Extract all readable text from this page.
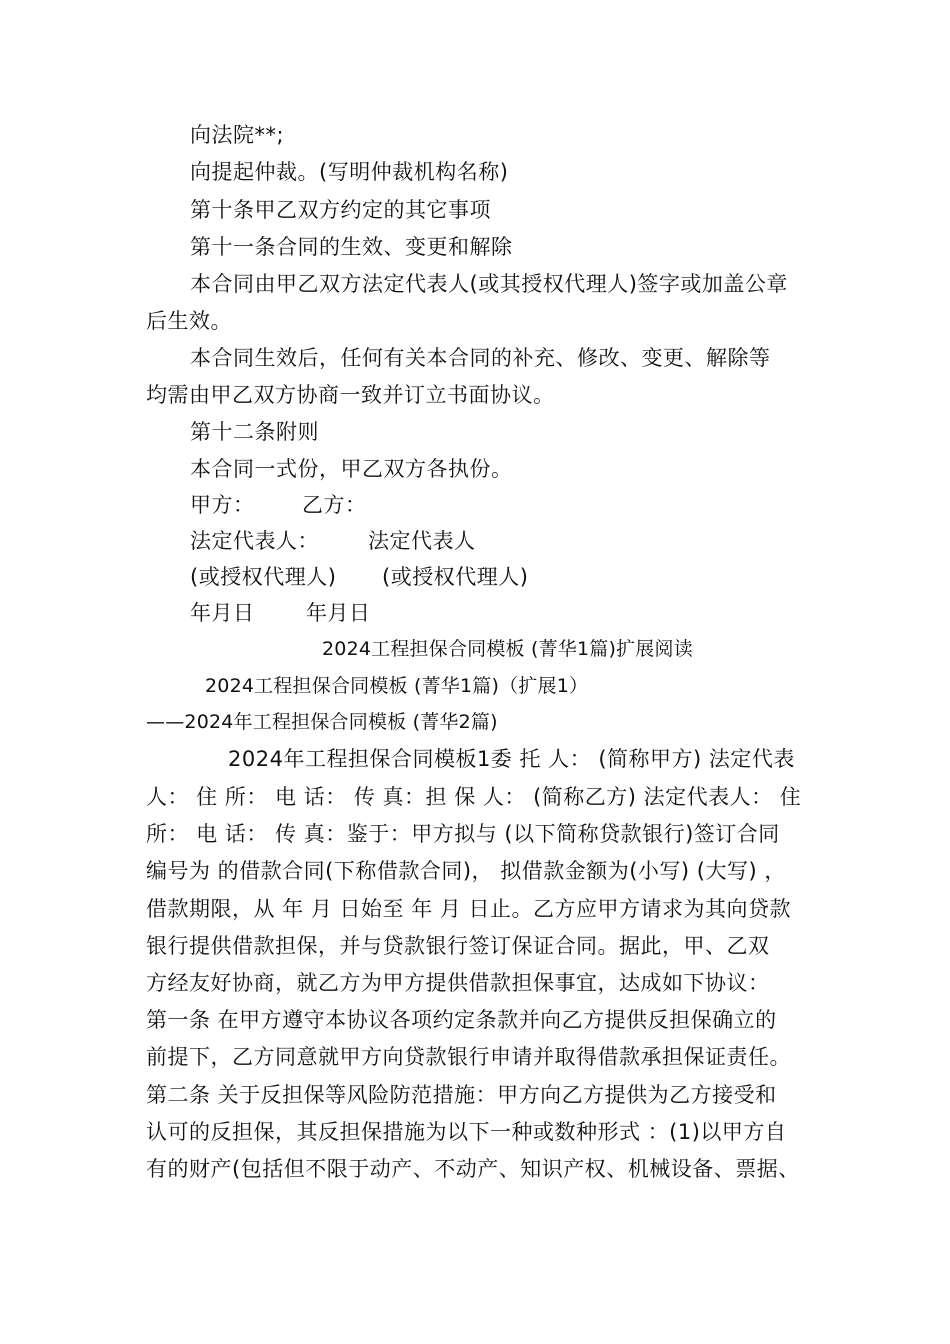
向法院**;
向提起仲裁。(写明仲裁机构名称)
第十条甲乙双方约定的其它事项
第十一条合同的生效、变更和解除
本合同由甲乙双方法定代表人(或其授权代理人)签字或加盖公章
后生效。
本合同生效后，任何有关本合同的补充、修改、变更、解除等
均需由甲乙双方协商一致并订立书面协议。
第十二条附则
本合同一式份，甲乙双方各执份。
甲方： 乙方：
法定代表人： 法定代表人
(或授权代理人) (或授权代理人)
年月日 年月日
2024工程担保合同模板 (菁华1篇)扩展阅读
2024工程担保合同模板 (菁华1篇)（扩展1）
——2024年工程担保合同模板 (菁华2篇)
2024年工程担保合同模板1委 托 人： (简称甲方) 法定代表
人： 住 所： 电 话： 传 真：担 保 人： (简称乙方) 法定代表人： 住
所： 电 话： 传 真：鉴于：甲方拟与 (以下简称贷款银行)签订合同
编号为 的借款合同(下称借款合同)， 拟借款金额为(小写) (大写) ，
借款期限，从 年 月 日始至 年 月 日止。乙方应甲方请求为其向贷款
银行提供借款担保，并与贷款银行签订保证合同。据此，甲、乙双
方经友好协商，就乙方为甲方提供借款担保事宜，达成如下协议：
第一条 在甲方遵守本协议各项约定条款并向乙方提供反担保确立的
前提下，乙方同意就甲方向贷款银行申请并取得借款承担保证责任。
第二条 关于反担保等风险防范措施：甲方向乙方提供为乙方接受和
认可的反担保，其反担保措施为以下一种或数种形式 ：(1)以甲方自
有的财产(包括但不限于动产、不动产、知识产权、机械设备、票据、
